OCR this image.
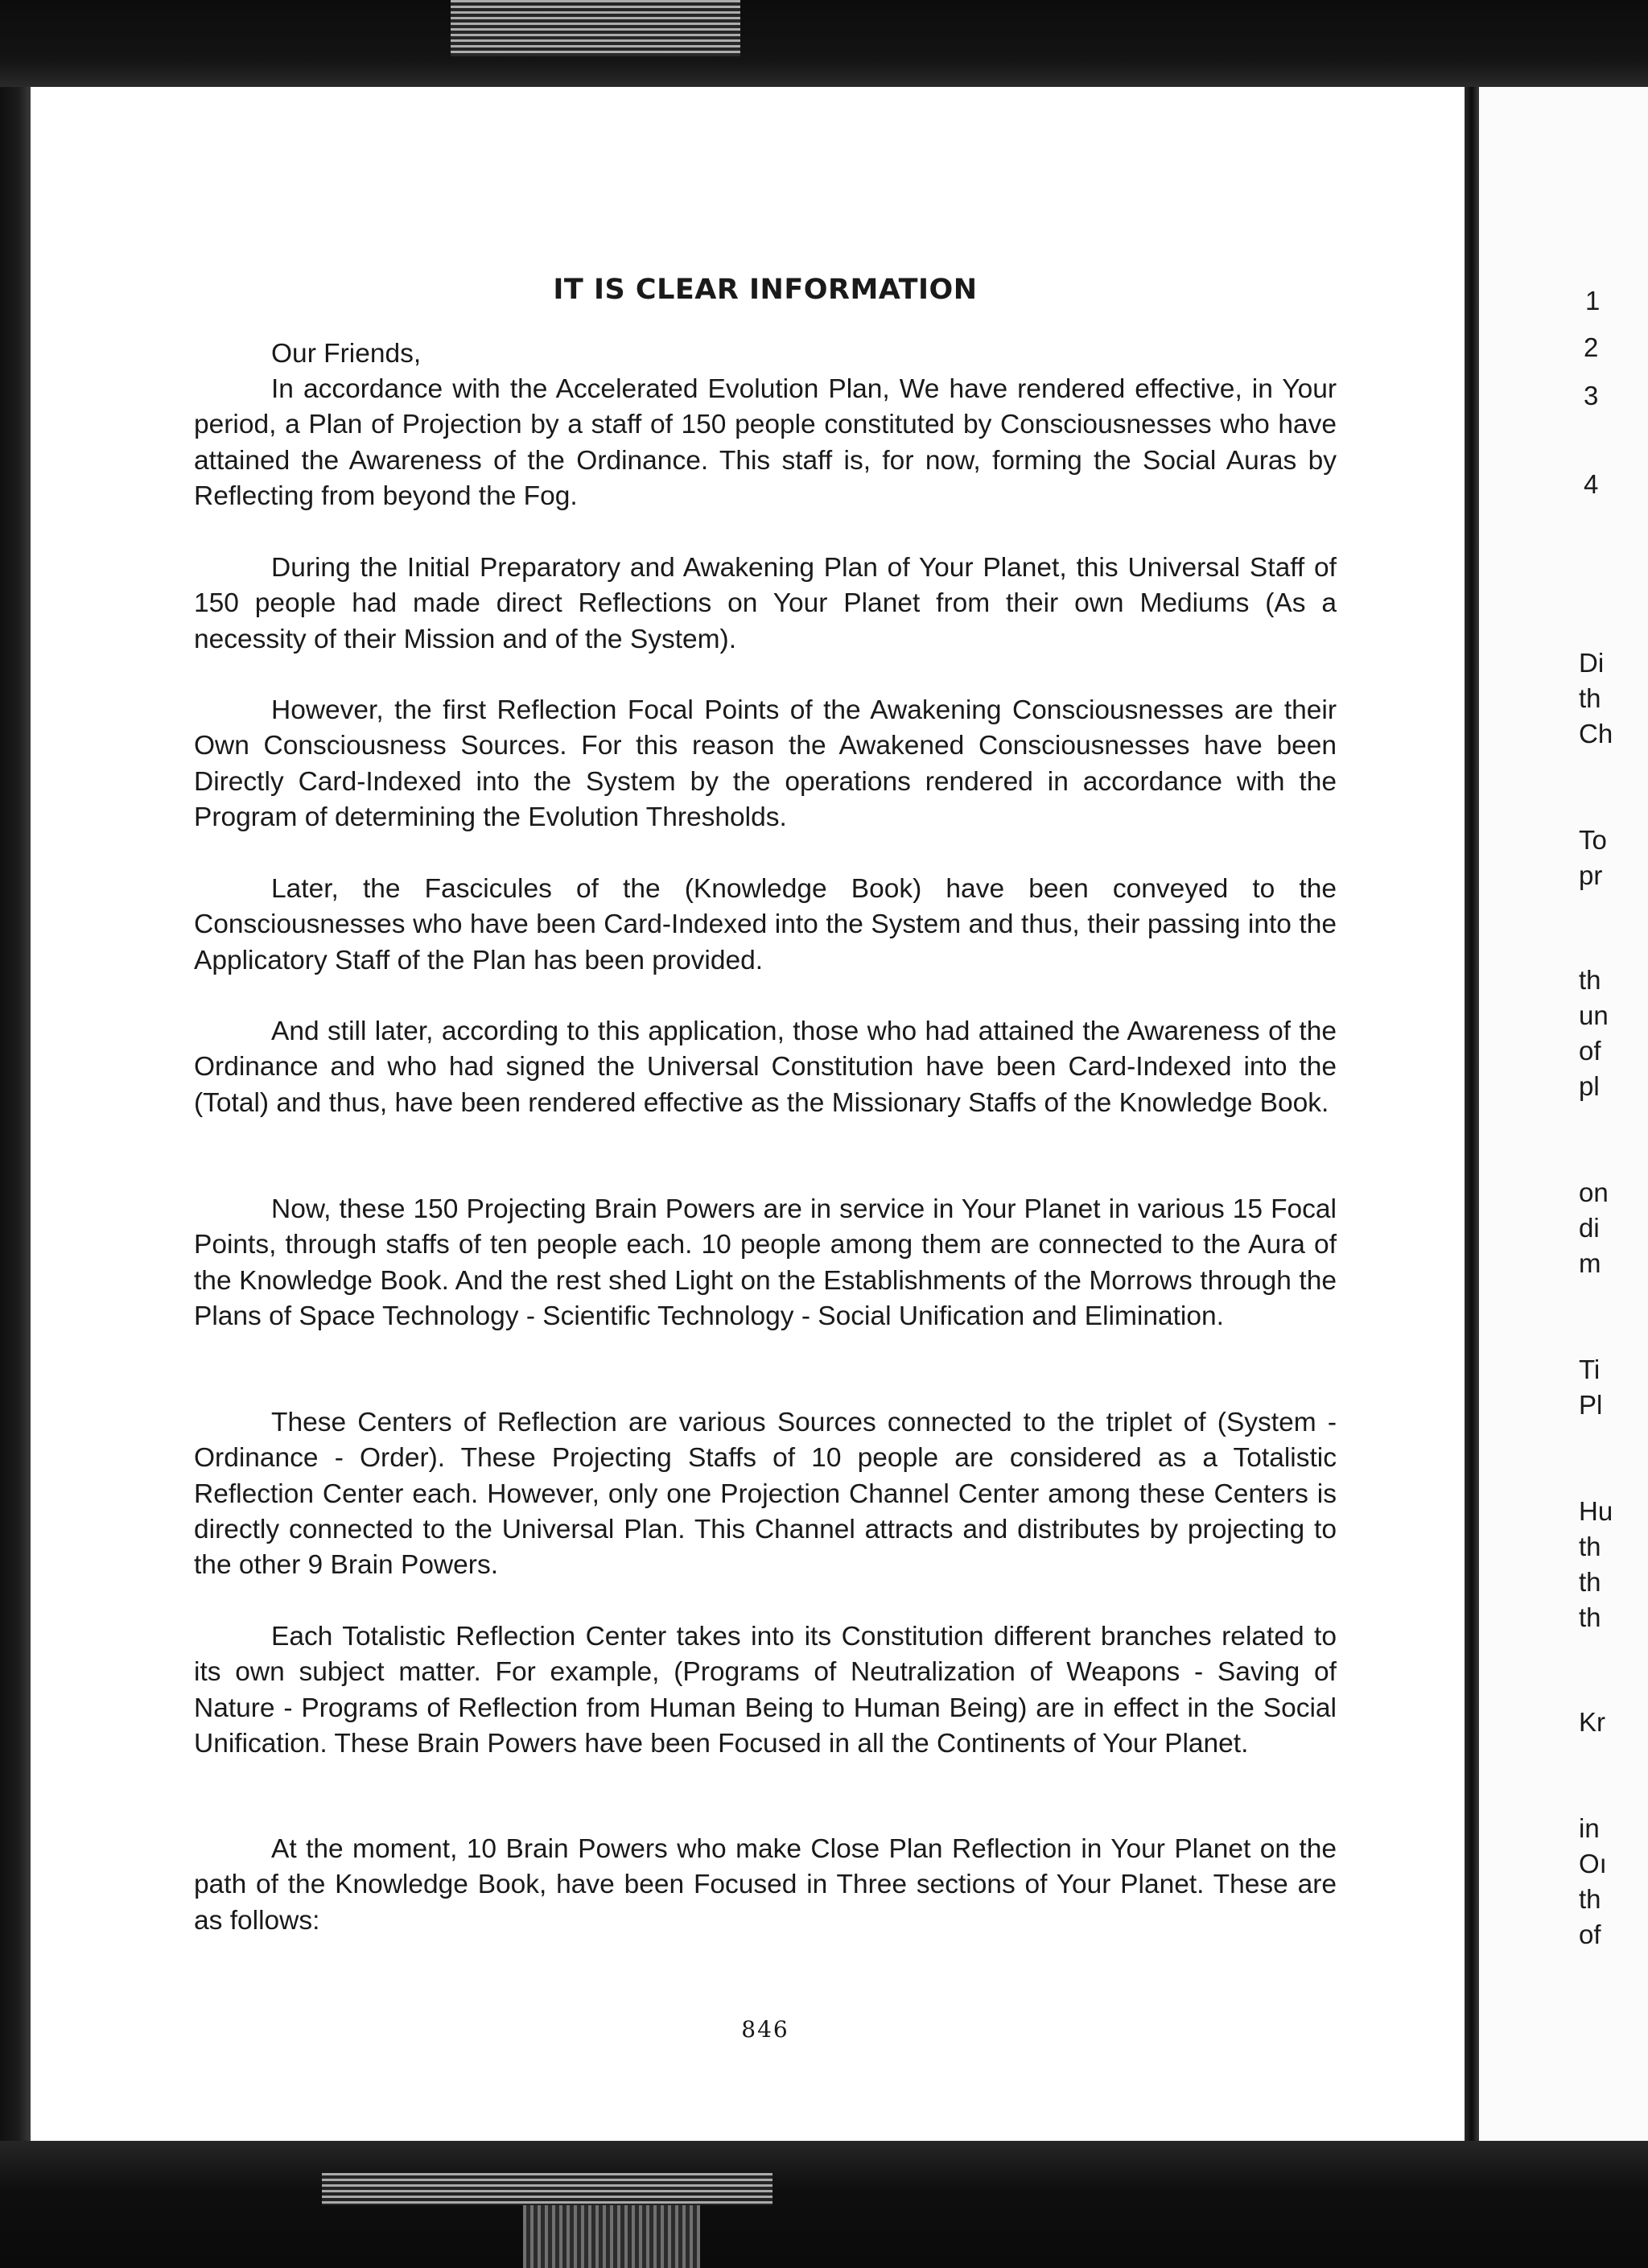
IT IS CLEAR INFORMATION

Our Friends,

In accordance with the Accelerated Evolution Plan, We have rendered effective, in Your period, a Plan of Projection by a staff of 150 people constituted by Consciousnesses who have attained the Awareness of the Ordinance. This staff is, for now, forming the Social Auras by Reflecting from beyond the Fog.

During the Initial Preparatory and Awakening Plan of Your Planet, this Universal Staff of 150 people had made direct Reflections on Your Planet from their own Mediums (As a necessity of their Mission and of the System).

However, the first Reflection Focal Points of the Awakening Consciousnesses are their Own Consciousness Sources. For this reason the Awakened Consciousnesses have been Directly Card-Indexed into the System by the operations rendered in accordance with the Program of determining the Evolution Thresholds.

Later, the Fascicules of the (Knowledge Book) have been conveyed to the Consciousnesses who have been Card-Indexed into the System and thus, their passing into the Applicatory Staff of the Plan has been provided.

And still later, according to this application, those who had attained the Awareness of the Ordinance and who had signed the Universal Constitution have been Card-Indexed into the (Total) and thus, have been rendered effective as the Missionary Staffs of the Knowledge Book.

Now, these 150 Projecting Brain Powers are in service in Your Planet in various 15 Focal Points, through staffs of ten people each. 10 people among them are connected to the Aura of the Knowledge Book. And the rest shed Light on the Establishments of the Morrows through the Plans of Space Technology - Scientific Technology - Social Unification and Elimination.

These Centers of Reflection are various Sources connected to the triplet of (System - Ordinance - Order). These Projecting Staffs of 10 people are considered as a Totalistic Reflection Center each. However, only one Projection Channel Center among these Centers is directly connected to the Universal Plan. This Channel attracts and distributes by projecting to the other 9 Brain Powers.

Each Totalistic Reflection Center takes into its Constitution different branches related to its own subject matter. For example, (Programs of Neutralization of Weapons - Saving of Nature - Programs of Reflection from Human Being to Human Being) are in effect in the Social Unification. These Brain Powers have been Focused in all the Continents of Your Planet.

At the moment, 10 Brain Powers who make Close Plan Reflection in Your Planet on the path of the Knowledge Book, have been Focused in Three sections of Your Planet. These are as follows:

846
1
2
3
4
Di
th
Ch
To
pr
th
un
of
pl
on
di
m
Ti
Pl
Hu
th
th
th
Kr
in
Oı
th
of
